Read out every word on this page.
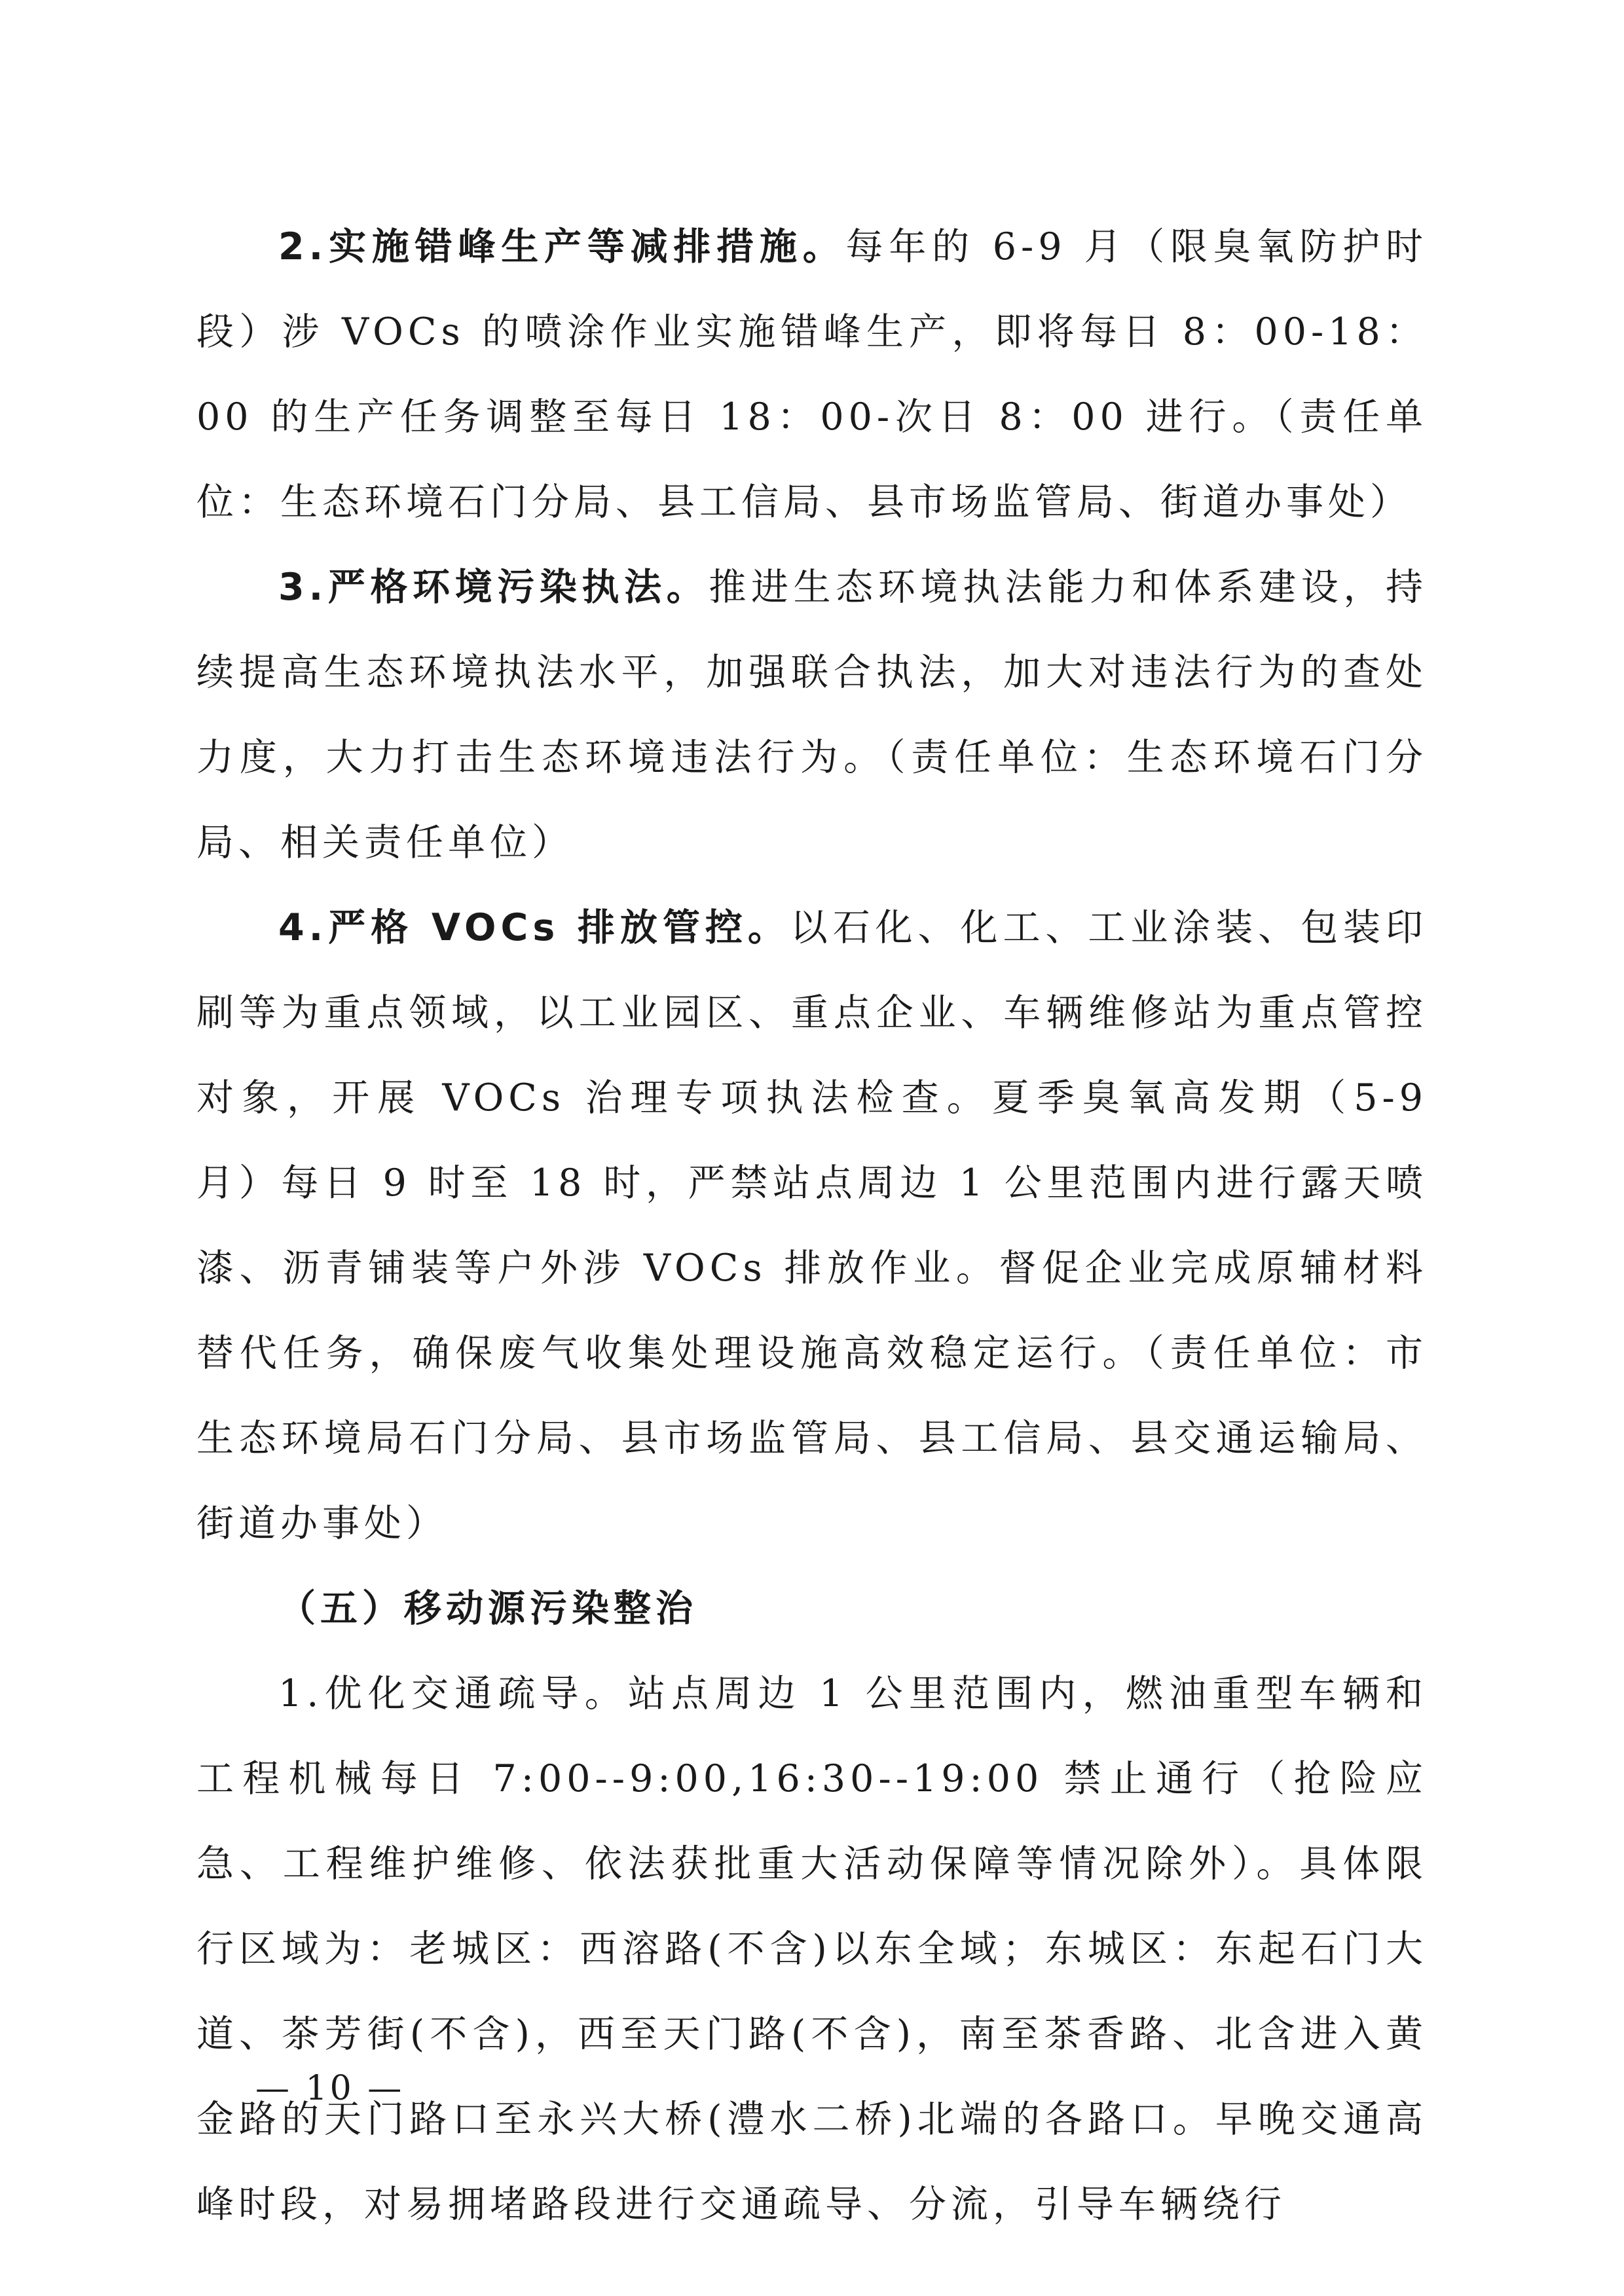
2.实施错峰生产等减排措施。每年的 6-9 月（限臭氧防护时段）涉 VOCs 的喷涂作业实施错峰生产，即将每日 8：00-18：00 的生产任务调整至每日 18：00-次日 8：00 进行。（责任单位：生态环境石门分局、县工信局、县市场监管局、街道办事处）

3.严格环境污染执法。推进生态环境执法能力和体系建设，持续提高生态环境执法水平，加强联合执法，加大对违法行为的查处力度，大力打击生态环境违法行为。（责任单位：生态环境石门分局、相关责任单位）

4.严格 VOCs 排放管控。以石化、化工、工业涂装、包装印刷等为重点领域，以工业园区、重点企业、车辆维修站为重点管控对象，开展 VOCs 治理专项执法检查。夏季臭氧高发期（5-9 月）每日 9 时至 18 时，严禁站点周边 1 公里范围内进行露天喷漆、沥青铺装等户外涉 VOCs 排放作业。督促企业完成原辅材料替代任务，确保废气收集处理设施高效稳定运行。（责任单位：市生态环境局石门分局、县市场监管局、县工信局、县交通运输局、街道办事处）

（五）移动源污染整治

1.优化交通疏导。站点周边 1 公里范围内，燃油重型车辆和工程机械每日 7:00--9:00,16:30--19:00 禁止通行（抢险应急、工程维护维修、依法获批重大活动保障等情况除外）。具体限行区域为：老城区：西溶路(不含)以东全域；东城区：东起石门大道、茶芳街(不含)，西至天门路(不含)，南至茶香路、北含进入黄金路的天门路口至永兴大桥(澧水二桥)北端的各路口。早晚交通高峰时段，对易拥堵路段进行交通疏导、分流，引导车辆绕行

— 10 —
